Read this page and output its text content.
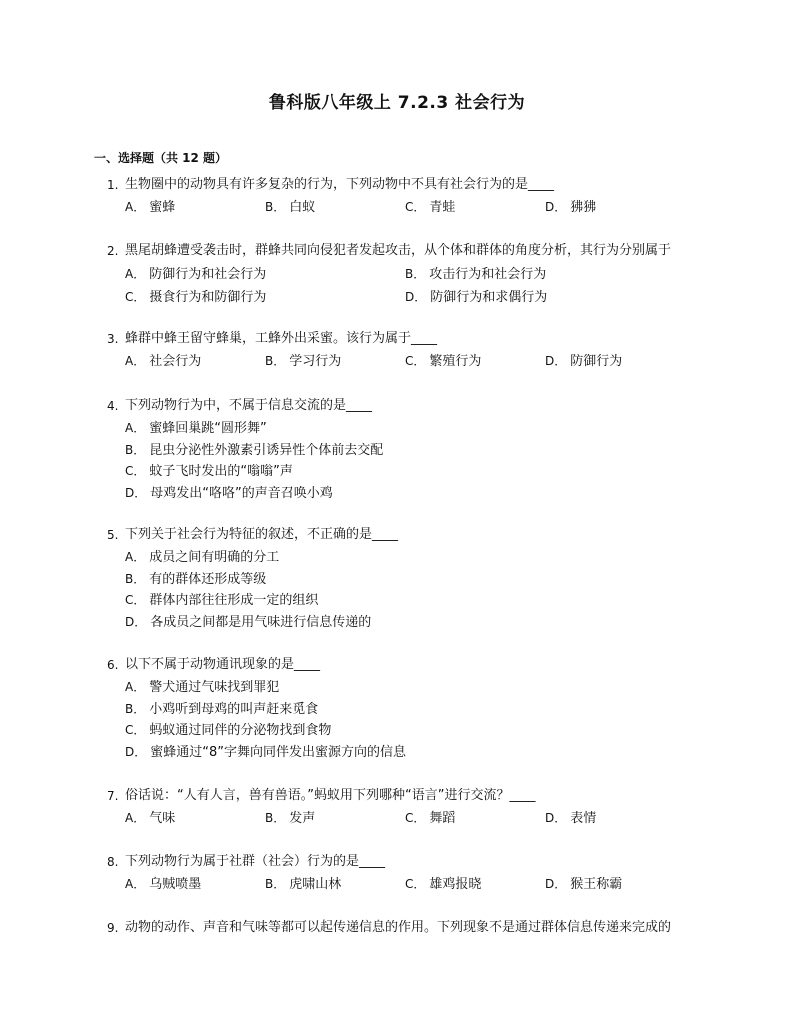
鲁科版八年级上 7.2.3 社会行为
一、选择题（共 12 题）
1. 生物圈中的动物具有许多复杂的行为，下列动物中不具有社会行为的是____
A． 蜜蜂	B． 白蚁	C． 青蛙	D． 狒狒
2. 黑尾胡蜂遭受袭击时，群蜂共同向侵犯者发起攻击，从个体和群体的角度分析，其行为分别属于
A． 防御行为和社会行为	B． 攻击行为和社会行为
C． 摄食行为和防御行为	D． 防御行为和求偶行为
3. 蜂群中蜂王留守蜂巢，工蜂外出采蜜。该行为属于____
A． 社会行为	B． 学习行为	C． 繁殖行为	D． 防御行为
4. 下列动物行为中，不属于信息交流的是____
A． 蜜蜂回巢跳“圆形舞”
B． 昆虫分泌性外激素引诱异性个体前去交配
C． 蚊子飞时发出的“嗡嗡”声
D． 母鸡发出“咯咯”的声音召唤小鸡
5. 下列关于社会行为特征的叙述，不正确的是____
A． 成员之间有明确的分工
B． 有的群体还形成等级
C． 群体内部往往形成一定的组织
D． 各成员之间都是用气味进行信息传递的
6. 以下不属于动物通讯现象的是____
A． 警犬通过气味找到罪犯
B． 小鸡听到母鸡的叫声赶来觅食
C． 蚂蚁通过同伴的分泌物找到食物
D． 蜜蜂通过“8”字舞向同伴发出蜜源方向的信息
7. 俗话说：“人有人言，兽有兽语。”蚂蚁用下列哪种“语言”进行交流？____
A． 气味	B． 发声	C． 舞蹈	D． 表情
8. 下列动物行为属于社群（社会）行为的是____
A． 乌贼喷墨	B． 虎啸山林	C． 雄鸡报晓	D． 猴王称霸
9. 动物的动作、声音和气味等都可以起传递信息的作用。下列现象不是通过群体信息传递来完成的
